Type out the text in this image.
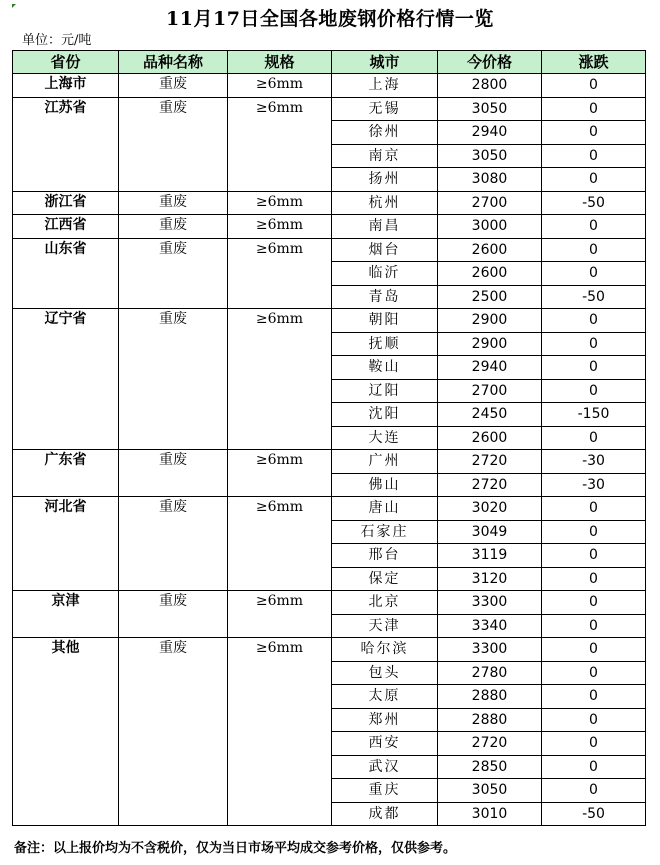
11月17日全国各地废钢价格行情一览
单位：元/吨
省份	品种名称	规格	城市	今价格	涨跌
上海市	重废	≥6mm	上海	2800	0
江苏省	重废	≥6mm	无锡	3050	0
			徐州	2940	0
			南京	3050	0
			扬州	3080	0
浙江省	重废	≥6mm	杭州	2700	-50
江西省	重废	≥6mm	南昌	3000	0
山东省	重废	≥6mm	烟台	2600	0
			临沂	2600	0
			青岛	2500	-50
辽宁省	重废	≥6mm	朝阳	2900	0
			抚顺	2900	0
			鞍山	2940	0
			辽阳	2700	0
			沈阳	2450	-150
			大连	2600	0
广东省	重废	≥6mm	广州	2720	-30
			佛山	2720	-30
河北省	重废	≥6mm	唐山	3020	0
			石家庄	3049	0
			邢台	3119	0
			保定	3120	0
京津	重废	≥6mm	北京	3300	0
			天津	3340	0
其他	重废	≥6mm	哈尔滨	3300	0
			包头	2780	0
			太原	2880	0
			郑州	2880	0
			西安	2720	0
			武汉	2850	0
			重庆	3050	0
			成都	3010	-50
备注：以上报价均为不含税价，仅为当日市场平均成交参考价格，仅供参考。
